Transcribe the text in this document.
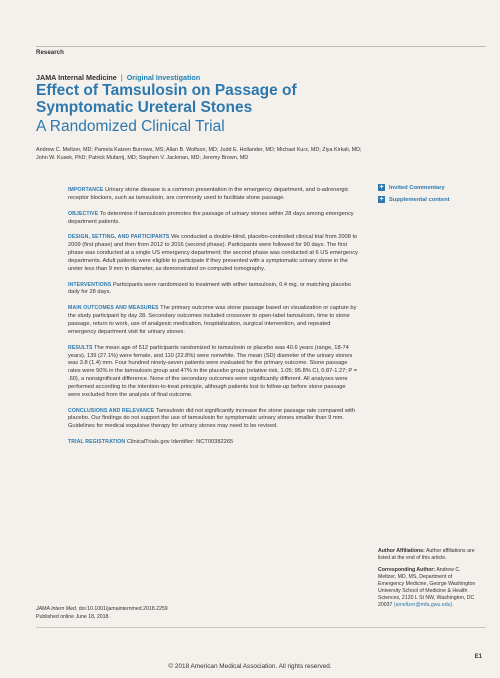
Research
JAMA Internal Medicine | Original Investigation
Effect of Tamsulosin on Passage of Symptomatic Ureteral Stones
A Randomized Clinical Trial
Andrew C. Meltzer, MD; Pamela Katzen Burrows, MS; Allan B. Wolfson, MD; Judd E. Hollander, MD; Michael Kurz, MD; Ziya Kirkali, MD; John W. Kusek, PhD; Patrick Mufarrij, MD; Stephen V. Jackman, MD; Jeremy Brown, MD

IMPORTANCE Urinary stone disease is a common presentation in the emergency department, and α-adrenergic receptor blockers, such as tamsulosin, are commonly used to facilitate stone passage.

OBJECTIVE To determine if tamsulosin promotes the passage of urinary stones within 28 days among emergency department patients.

DESIGN, SETTING, AND PARTICIPANTS We conducted a double-blind, placebo-controlled clinical trial from 2008 to 2009 (first phase) and then from 2012 to 2016 (second phase). Participants were followed for 90 days. The first phase was conducted at a single US emergency department; the second phase was conducted at 6 US emergency departments. Adult patients were eligible to participate if they presented with a symptomatic urinary stone in the ureter less than 9 mm in diameter, as demonstrated on computed tomography.

INTERVENTIONS Participants were randomized to treatment with either tamsulosin, 0.4 mg, or matching placebo daily for 28 days.

MAIN OUTCOMES AND MEASURES The primary outcome was stone passage based on visualization or capture by the study participant by day 28. Secondary outcomes included crossover to open-label tamsulosin, time to stone passage, return to work, use of analgesic medication, hospitalization, surgical intervention, and repeated emergency department visit for urinary stones.

RESULTS The mean age of 512 participants randomized to tamsulosin or placebo was 40.6 years (range, 18-74 years), 139 (27.1%) were female, and 110 (22.8%) were nonwhite. The mean (SD) diameter of the urinary stones was 3.8 (1.4) mm. Four hundred ninety-seven patients were evaluated for the primary outcome. Stone passage rates were 50% in the tamsulosin group and 47% in the placebo group (relative risk, 1.05; 95.8% CI, 0.87-1.27; P = .60), a nonsignificant difference. None of the secondary outcomes were significantly different. All analyses were performed according to the intention-to-treat principle, although patients lost to follow-up before stone passage were excluded from the analysis of final outcome.

CONCLUSIONS AND RELEVANCE Tamsulosin did not significantly increase the stone passage rate compared with placebo. Our findings do not support the use of tamsulosin for symptomatic urinary stones smaller than 9 mm. Guidelines for medical expulsive therapy for urinary stones may need to be revised.

TRIAL REGISTRATION ClinicalTrials.gov Identifier: NCT00382265

+ Invited Commentary
+ Supplemental content
Author Affiliations: Author affiliations are listed at the end of this article.
Corresponding Author: Andrew C. Meltzer, MD, MS, Department of Emergency Medicine, George Washington University School of Medicine & Health Sciences, 2120 L St NW, Washington, DC 20037 (ameltzer@mfa.gwu.edu).
JAMA Intern Med. doi:10.1001/jamainternmed.2018.2259
Published online June 18, 2018.
E1
© 2018 American Medical Association. All rights reserved.
